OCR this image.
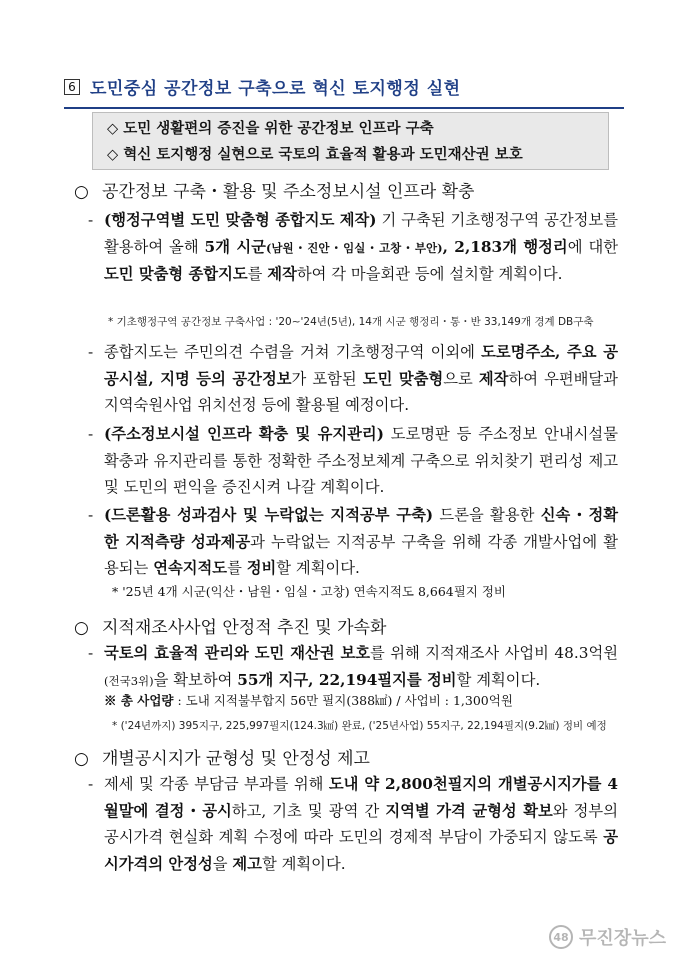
6 도민중심 공간정보 구축으로 혁신 토지행정 실현
◇ 도민 생활편의 증진을 위한 공간정보 인프라 구축
◇ 혁신 토지행정 실현으로 국토의 효율적 활용과 도민재산권 보호
○ 공간정보 구축・활용 및 주소정보시설 인프라 확충
- (행정구역별 도민 맞춤형 종합지도 제작) 기 구축된 기초행정구역 공간정보를 활용하여 올해 5개 시군(남원・진안・임실・고창・부안), 2,183개 행정리에 대한 도민 맞춤형 종합지도를 제작하여 각 마을회관 등에 설치할 계획이다.
* 기초행정구역 공간정보 구축사업 : '20∼'24년(5년), 14개 시군 행정리・통・반 33,149개 경계 DB구축
- 종합지도는 주민의견 수렴을 거쳐 기초행정구역 이외에 도로명주소, 주요 공공시설, 지명 등의 공간정보가 포함된 도민 맞춤형으로 제작하여 우편배달과 지역숙원사업 위치선정 등에 활용될 예정이다.
- (주소정보시설 인프라 확충 및 유지관리) 도로명판 등 주소정보 안내시설물 확충과 유지관리를 통한 정확한 주소정보체계 구축으로 위치찾기 편리성 제고 및 도민의 편익을 증진시켜 나갈 계획이다.
- (드론활용 성과검사 및 누락없는 지적공부 구축) 드론을 활용한 신속・정확한 지적측량 성과제공과 누락없는 지적공부 구축을 위해 각종 개발사업에 활용되는 연속지적도를 정비할 계획이다.
* '25년 4개 시군(익산・남원・임실・고창) 연속지적도 8,664필지 정비
○ 지적재조사사업 안정적 추진 및 가속화
- 국토의 효율적 관리와 도민 재산권 보호를 위해 지적재조사 사업비 48.3억원(전국3위)을 확보하여 55개 지구, 22,194필지를 정비할 계획이다.
※ 총 사업량 : 도내 지적불부합지 56만 필지(388㎢) / 사업비 : 1,300억원
* ('24년까지) 395지구, 225,997필지(124.3㎢) 완료, ('25년사업) 55지구, 22,194필지(9.2㎢) 정비 예정
○ 개별공시지가 균형성 및 안정성 제고
- 제세 및 각종 부담금 부과를 위해 도내 약 2,800천필지의 개별공시지가를 4월말에 결정・공시하고, 기초 및 광역 간 지역별 가격 균형성 확보와 정부의 공시가격 현실화 계획 수정에 따라 도민의 경제적 부담이 가중되지 않도록 공시가격의 안정성을 제고할 계획이다.
48 무진장뉴스
